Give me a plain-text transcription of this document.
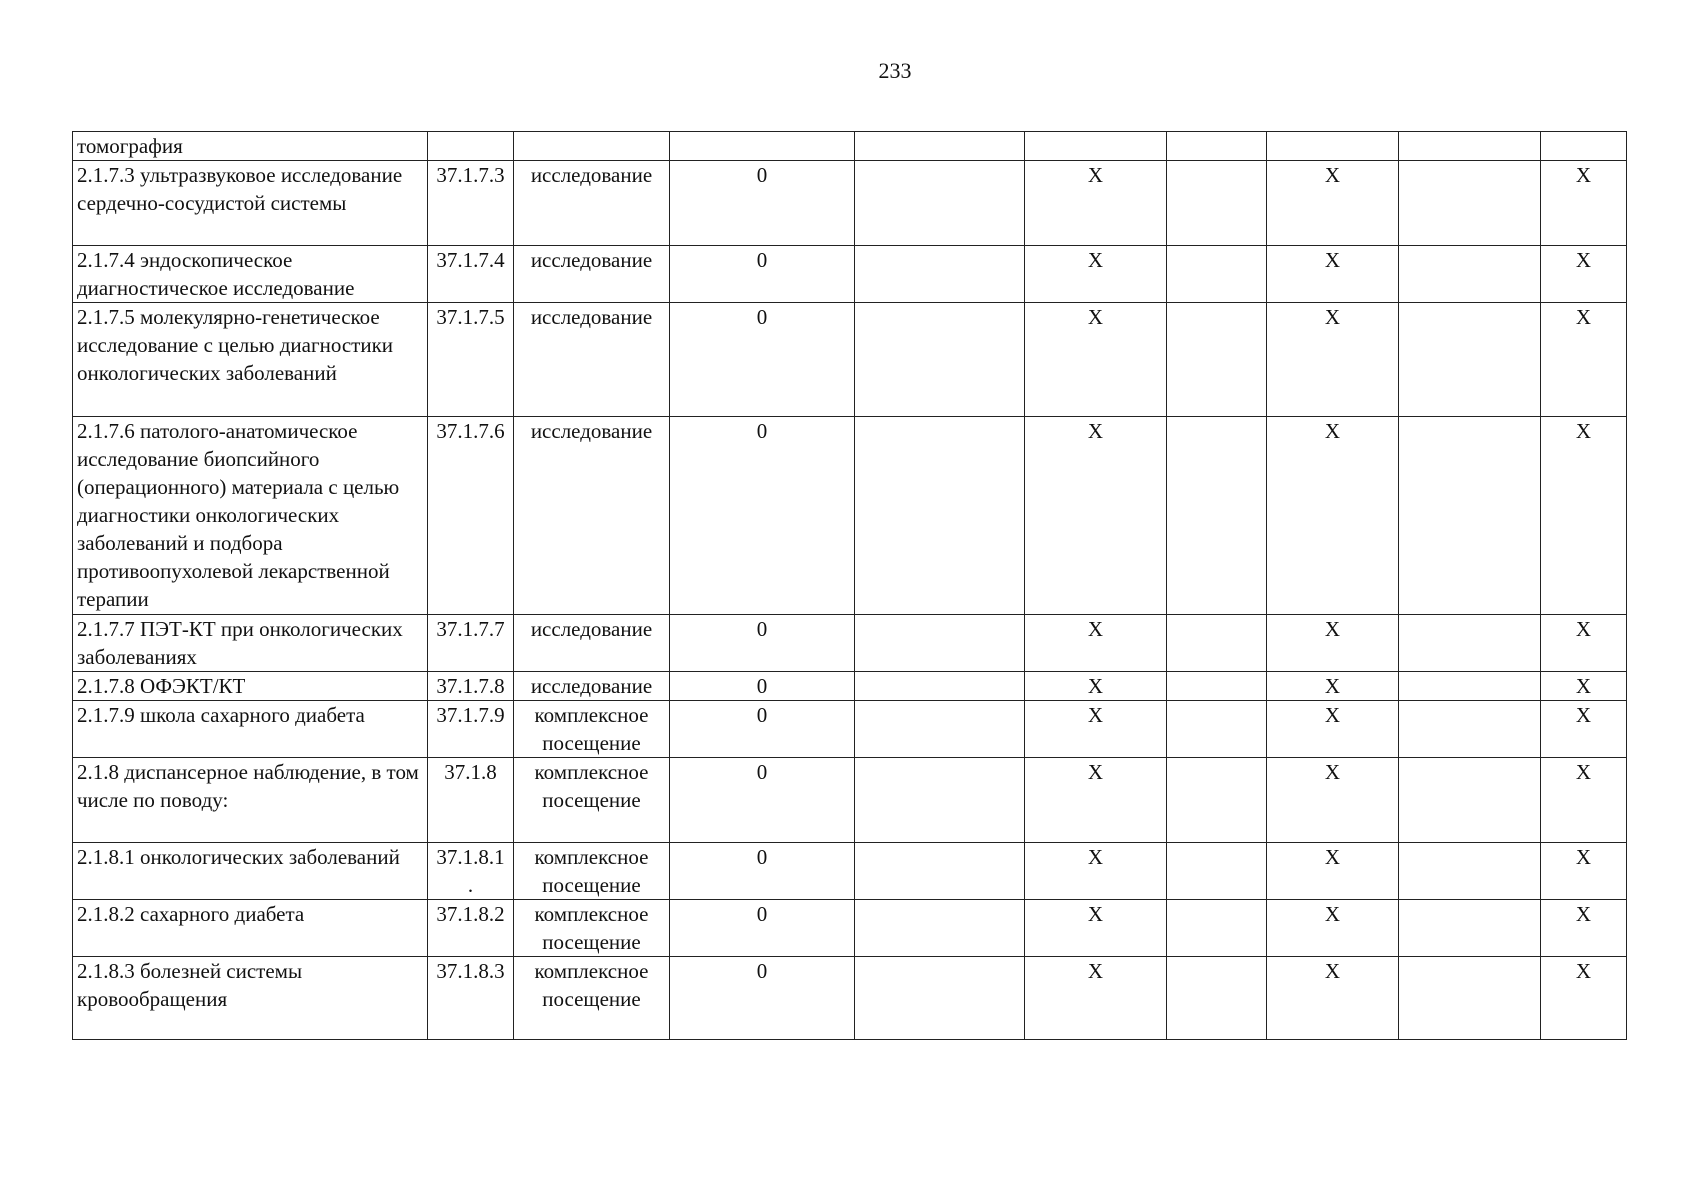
233
томография									
2.1.7.3 ультразвуковое исследование сердечно-сосудистой системы	37.1.7.3	исследование	0		X		X		X
2.1.7.4 эндоскопическое диагностическое исследование	37.1.7.4	исследование	0		X		X		X
2.1.7.5 молекулярно-генетическое исследование с целью диагностики онкологических заболеваний	37.1.7.5	исследование	0		X		X		X
2.1.7.6 патолого-анатомическое исследование биопсийного (операционного) материала с целью диагностики онкологических заболеваний и подбора противоопухолевой лекарственной терапии	37.1.7.6	исследование	0		X		X		X
2.1.7.7 ПЭТ-КТ при онкологических заболеваниях	37.1.7.7	исследование	0		X		X		X
2.1.7.8 ОФЭКТ/КТ	37.1.7.8	исследование	0		X		X		X
2.1.7.9 школа сахарного диабета	37.1.7.9	комплексное посещение	0		X		X		X
2.1.8 диспансерное наблюдение, в том числе по поводу:	37.1.8	комплексное посещение	0		X		X		X
2.1.8.1 онкологических заболеваний	37.1.8.1 .	комплексное посещение	0		X		X		X
2.1.8.2 сахарного диабета	37.1.8.2	комплексное посещение	0		X		X		X
2.1.8.3 болезней системы кровообращения	37.1.8.3	комплексное посещение	0		X		X		X
